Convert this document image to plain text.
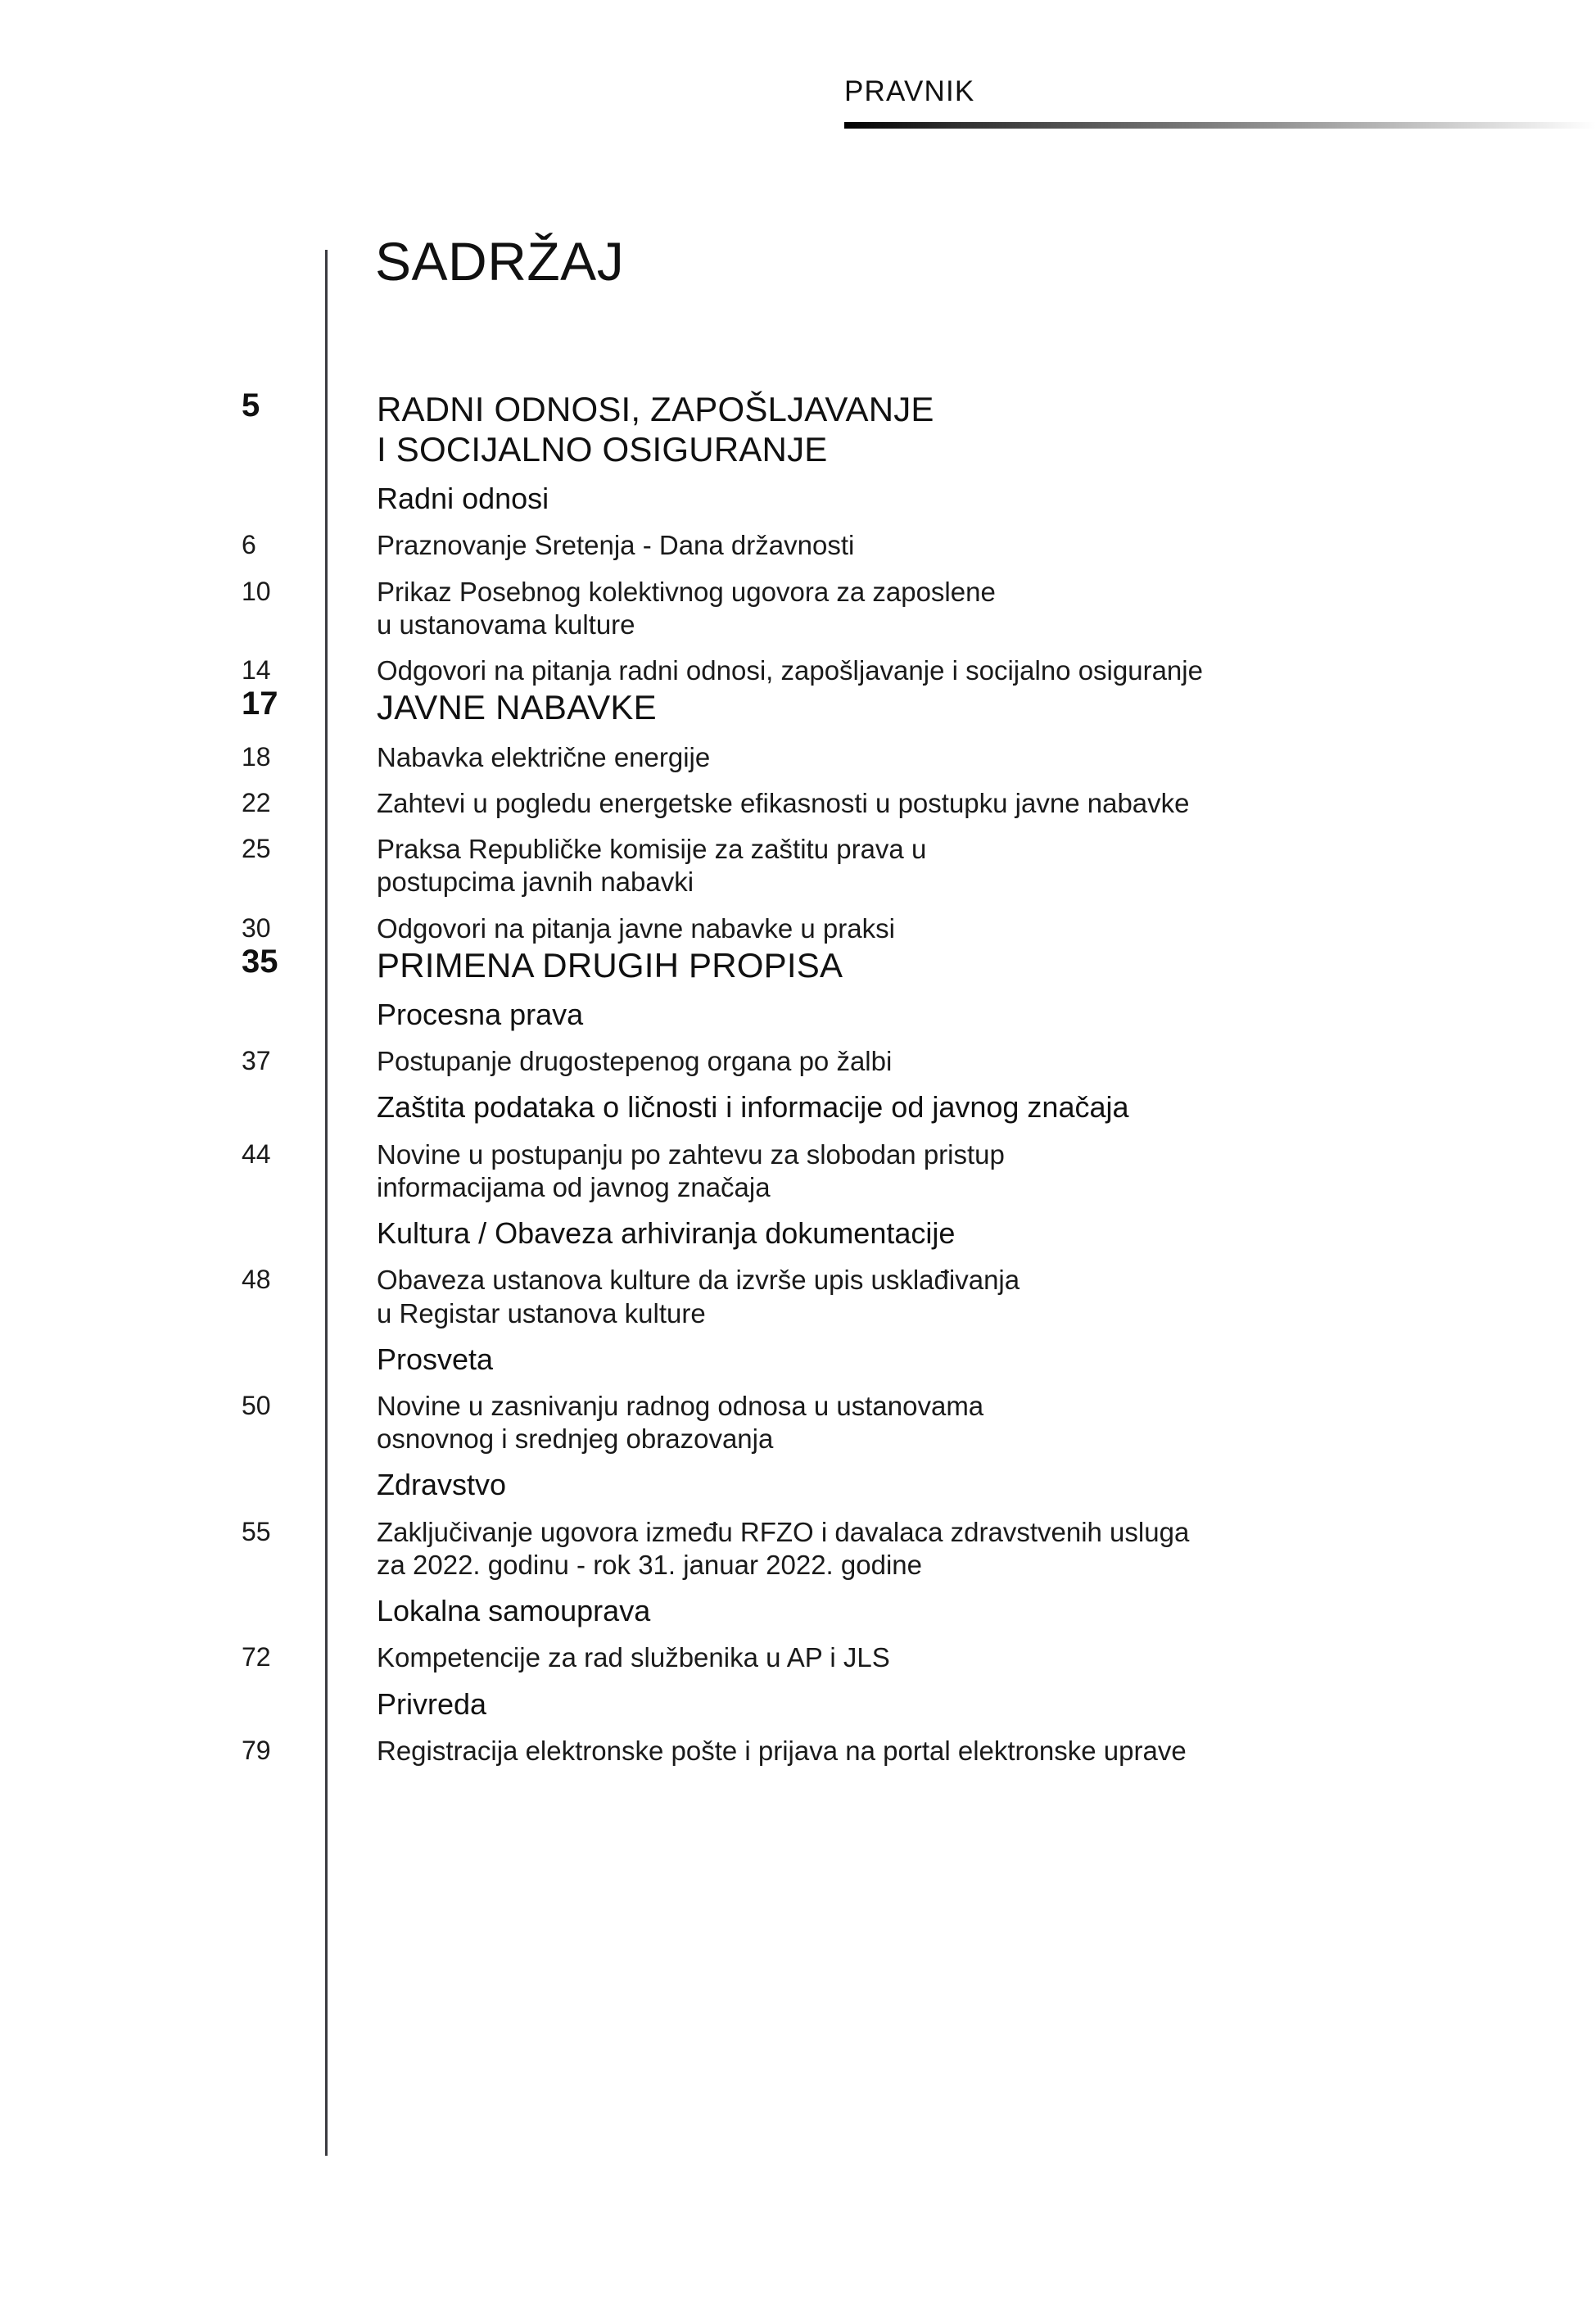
PRAVNIK
SADRŽAJ
5	RADNI ODNOSI, ZAPOŠLJAVANJE
I SOCIJALNO OSIGURANJE
Radni odnosi
6	Praznovanje Sretenja - Dana državnosti
10	Prikaz Posebnog kolektivnog ugovora za zaposlene
u ustanovama kulture
14	Odgovori na pitanja radni odnosi, zapošljavanje i socijalno osiguranje
17	JAVNE NABAVKE
18	Nabavka električne energije
22	Zahtevi u pogledu energetske efikasnosti u postupku javne nabavke
25	Praksa Republičke komisije za zaštitu prava u
postupcima javnih nabavki
30	Odgovori na pitanja javne nabavke u praksi
35	PRIMENA DRUGIH PROPISA
Procesna prava
37	Postupanje drugostepenog organa po žalbi
Zaštita podataka o ličnosti i informacije od javnog značaja
44	Novine u postupanju po zahtevu za slobodan pristup
informacijama od javnog značaja
Kultura / Obaveza arhiviranja dokumentacije
48	Obaveza ustanova kulture da izvrše upis usklađivanja
u Registar ustanova kulture
Prosveta
50	Novine u zasnivanju radnog odnosa u ustanovama
osnovnog i srednjeg obrazovanja
Zdravstvo
55	Zaključivanje ugovora između RFZO i davalaca zdravstvenih usluga
za 2022. godinu - rok 31. januar 2022. godine
Lokalna samouprava
72	Kompetencije za rad službenika u AP i JLS
Privreda
79	Registracija elektronske pošte i prijava na portal elektronske uprave
